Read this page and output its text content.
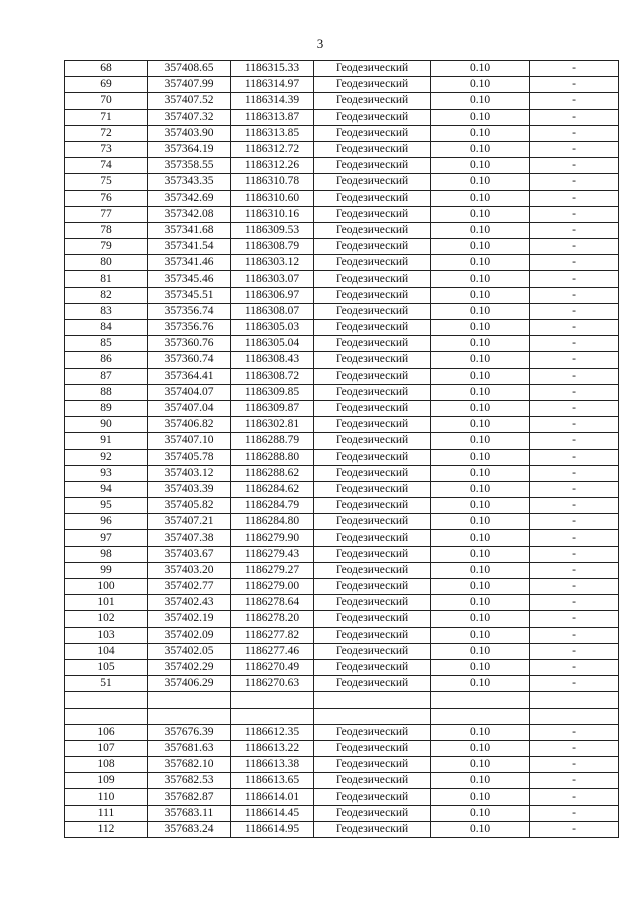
3
68	357408.65	1186315.33	Геодезический	0.10	-
69	357407.99	1186314.97	Геодезический	0.10	-
70	357407.52	1186314.39	Геодезический	0.10	-
71	357407.32	1186313.87	Геодезический	0.10	-
72	357403.90	1186313.85	Геодезический	0.10	-
73	357364.19	1186312.72	Геодезический	0.10	-
74	357358.55	1186312.26	Геодезический	0.10	-
75	357343.35	1186310.78	Геодезический	0.10	-
76	357342.69	1186310.60	Геодезический	0.10	-
77	357342.08	1186310.16	Геодезический	0.10	-
78	357341.68	1186309.53	Геодезический	0.10	-
79	357341.54	1186308.79	Геодезический	0.10	-
80	357341.46	1186303.12	Геодезический	0.10	-
81	357345.46	1186303.07	Геодезический	0.10	-
82	357345.51	1186306.97	Геодезический	0.10	-
83	357356.74	1186308.07	Геодезический	0.10	-
84	357356.76	1186305.03	Геодезический	0.10	-
85	357360.76	1186305.04	Геодезический	0.10	-
86	357360.74	1186308.43	Геодезический	0.10	-
87	357364.41	1186308.72	Геодезический	0.10	-
88	357404.07	1186309.85	Геодезический	0.10	-
89	357407.04	1186309.87	Геодезический	0.10	-
90	357406.82	1186302.81	Геодезический	0.10	-
91	357407.10	1186288.79	Геодезический	0.10	-
92	357405.78	1186288.80	Геодезический	0.10	-
93	357403.12	1186288.62	Геодезический	0.10	-
94	357403.39	1186284.62	Геодезический	0.10	-
95	357405.82	1186284.79	Геодезический	0.10	-
96	357407.21	1186284.80	Геодезический	0.10	-
97	357407.38	1186279.90	Геодезический	0.10	-
98	357403.67	1186279.43	Геодезический	0.10	-
99	357403.20	1186279.27	Геодезический	0.10	-
100	357402.77	1186279.00	Геодезический	0.10	-
101	357402.43	1186278.64	Геодезический	0.10	-
102	357402.19	1186278.20	Геодезический	0.10	-
103	357402.09	1186277.82	Геодезический	0.10	-
104	357402.05	1186277.46	Геодезический	0.10	-
105	357402.29	1186270.49	Геодезический	0.10	-
51	357406.29	1186270.63	Геодезический	0.10	-

106	357676.39	1186612.35	Геодезический	0.10	-
107	357681.63	1186613.22	Геодезический	0.10	-
108	357682.10	1186613.38	Геодезический	0.10	-
109	357682.53	1186613.65	Геодезический	0.10	-
110	357682.87	1186614.01	Геодезический	0.10	-
111	357683.11	1186614.45	Геодезический	0.10	-
112	357683.24	1186614.95	Геодезический	0.10	-
